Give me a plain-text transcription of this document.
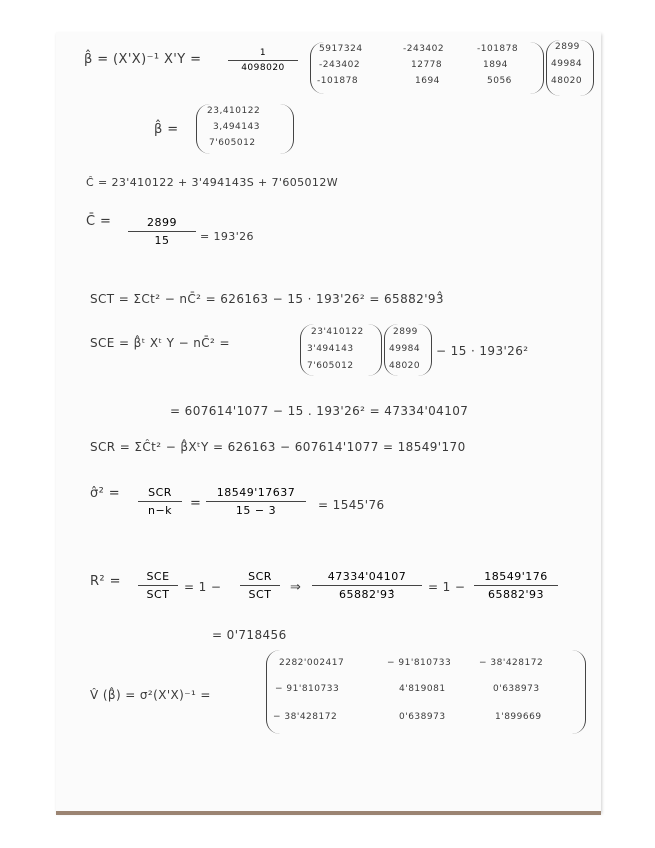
β̂ = (X'X)⁻¹ X'Y =	1
4098020
5917324	-243402	-101878
-243402	12778	1894
-101878	1694	5056
2899
49984
48020
β̂ =
23,410122
3,494143
7'605012
Ĉ = 23'410122 + 3'494143S + 7'605012W
C̄ =	2899
15	= 193'26
SCT = ΣCt² − nC̄² = 626163 − 15 · 193'26² = 65882'93̂
SCE = β̂ᵗ Xᵗ Y − nC̄² =
23'410122
3'494143
7'605012
2899
49984
48020
− 15 · 193'26²
= 607614'1077 − 15 . 193'26² = 47334'04107
SCR = ΣĈt² − β̂XᵗY = 626163 − 607614'1077 = 18549'170
σ̂² =	SCR
n−k =
18549'17637
15 − 3	= 1545'76
R² = SCE
SCT
= 1 −
SCR
SCT ⇒
47334'04107
65882'93̂
= 1 −
18549'176
65882'93
= 0'718456
V̂ (β̂) = σ²(X'X)⁻¹ =
2282'002417	− 91'810733	− 38'428172
− 91'810733	4'819081	0'638973
− 38'428172	0'638973	1'899669
